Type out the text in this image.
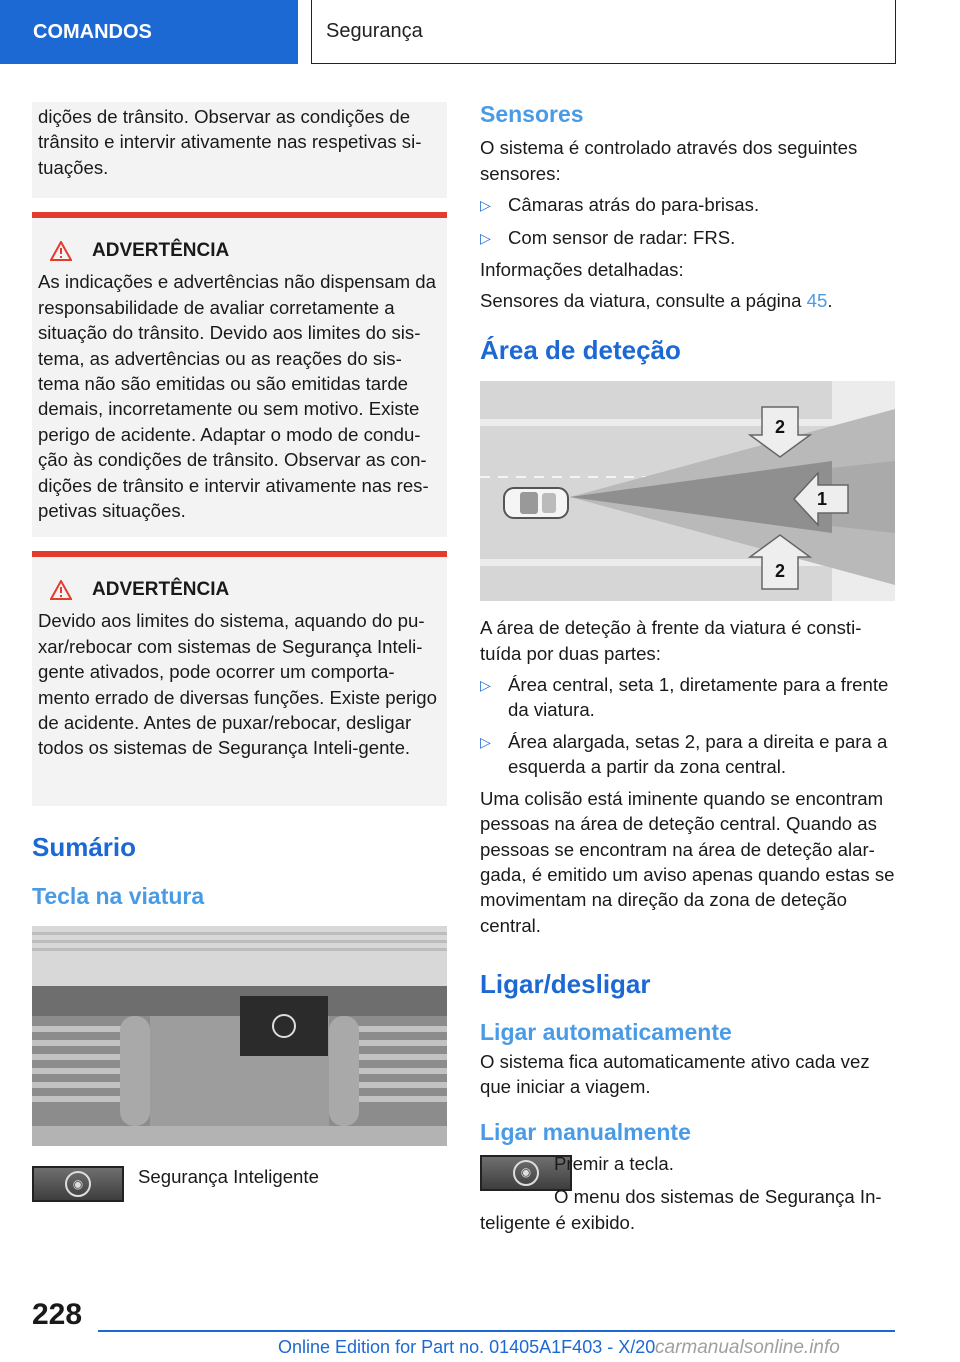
COMANDOS	Segurança
dições de trânsito. Observar as condições de trânsito e intervir ativamente nas respetivas si-tuações.
ADVERTÊNCIA
As indicações e advertências não dispensam da responsabilidade de avaliar corretamente a situação do trânsito. Devido aos limites do sis-tema, as advertências ou as reações do sis-tema não são emitidas ou são emitidas tarde demais, incorretamente ou sem motivo. Existe perigo de acidente. Adaptar o modo de condu-ção às condições de trânsito. Observar as con-dições de trânsito e intervir ativamente nas res-petivas situações.
ADVERTÊNCIA
Devido aos limites do sistema, aquando do pu-xar/rebocar com sistemas de Segurança Inteli-gente ativados, pode ocorrer um comporta-mento errado de diversas funções. Existe perigo de acidente. Antes de puxar/rebocar, desligar todos os sistemas de Segurança Inteli-gente.
Sumário
Tecla na viatura
◉	Segurança Inteligente
Sensores
O sistema é controlado através dos seguintes sensores:
▷ Câmaras atrás do para-brisas.
▷ Com sensor de radar: FRS.
Informações detalhadas:
Sensores da viatura, consulte a página 45.
Área de deteção
2
1
2
A área de deteção à frente da viatura é consti-tuída por duas partes:
▷ Área central, seta 1, diretamente para a frente da viatura.
▷ Área alargada, setas 2, para a direita e para a esquerda a partir da zona central.
Uma colisão está iminente quando se encontram pessoas na área de deteção central. Quando as pessoas se encontram na área de deteção alar-gada, é emitido um aviso apenas quando estas se movimentam na direção da zona de deteção central.
Ligar/desligar
Ligar automaticamente
O sistema fica automaticamente ativo cada vez que iniciar a viagem.
Ligar manualmente
◉	Premir a tecla.
O menu dos sistemas de Segurança In-teligente é exibido.
228
Online Edition for Part no. 01405A1F403 - X/20 carmanualsonline.info
